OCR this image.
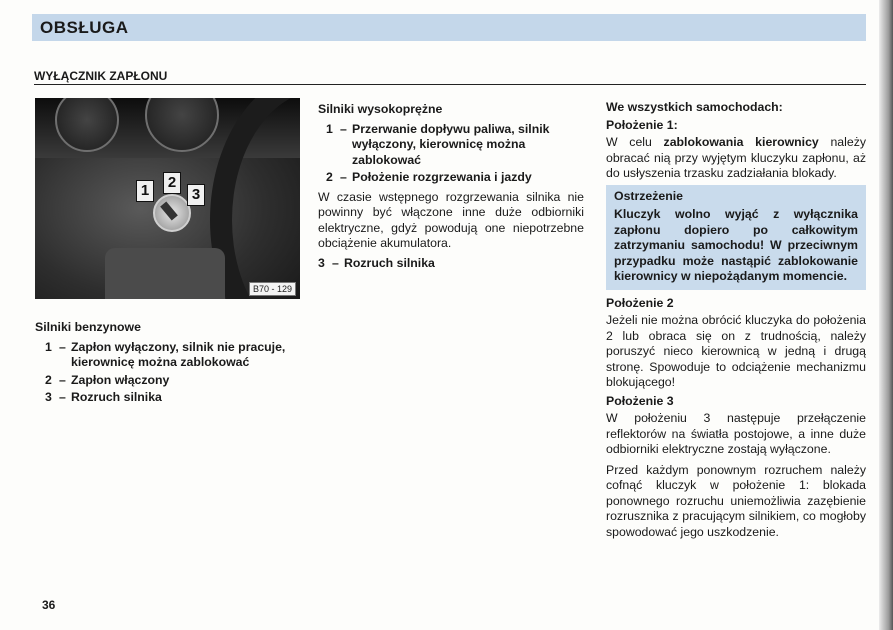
OBSŁUGA
WYŁĄCZNIK ZAPŁONU
1	2
3
B70 - 129

Silniki benzynowe

1 – Zapłon wyłączony, silnik nie pracuje, kierownicę można zablokować
2 – Zapłon włączony
3 – Rozruch silnika

Silniki wysokoprężne

1 – Przerwanie dopływu paliwa, silnik wyłączony, kierownicę można zablokować
2 – Położenie rozgrzewania i jazdy

W czasie wstępnego rozgrzewania silnika nie powinny być włączone inne duże odbiorniki elektryczne, gdyż powodują one niepotrzebne obciążenie akumulatora.

3 – Rozruch silnika

We wszystkich samochodach:

Położenie 1:

W celu zablokowania kierownicy należy obracać nią przy wyjętym kluczyku zapłonu, aż do usłyszenia trzasku zadziałania blokady.

Ostrzeżenie
Kluczyk wolno wyjąć z wyłącznika zapłonu dopiero po całkowitym zatrzymaniu samochodu! W przeciwnym przypadku może nastąpić zablokowanie kierownicy w niepożądanym momencie.

Położenie 2

Jeżeli nie można obrócić kluczyka do położenia 2 lub obraca się on z trudnością, należy poruszyć nieco kierownicą w jedną i drugą stronę. Spowoduje to odciążenie mechanizmu blokującego!

Położenie 3

W położeniu 3 następuje przełączenie reflektorów na światła postojowe, a inne duże odbiorniki elektryczne zostają wyłączone.

Przed każdym ponownym rozruchem należy cofnąć kluczyk w położenie 1: blokada ponownego rozruchu uniemożliwia zazębienie rozrusznika z pracującym silnikiem, co mogłoby spowodować jego uszkodzenie.

36
